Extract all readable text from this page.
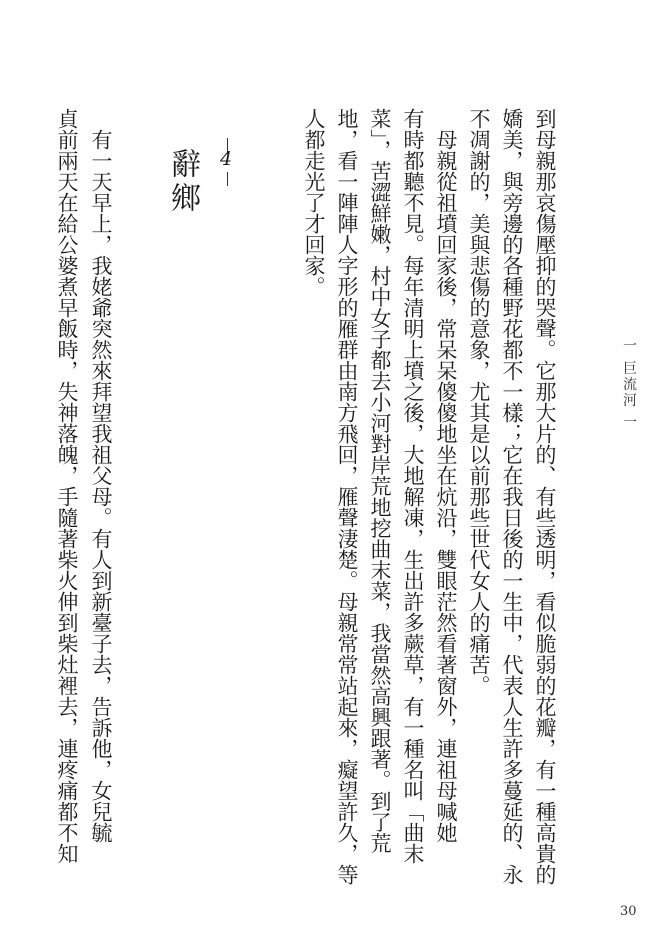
一 巨流河 一
到母親那哀傷壓抑的哭聲。它那大片的、有些透明，看似脆弱的花瓣，有一種高貴的
嬌美，與旁邊的各種野花都不一樣；它在我日後的一生中，代表人生許多蔓延的、永
不凋謝的，美與悲傷的意象，尤其是以前那些世代女人的痛苦。
　母親從祖墳回家後，常呆呆傻傻地坐在炕沿，雙眼茫然看著窗外，連祖母喊她
有時都聽不見。每年清明上墳之後，大地解凍，生出許多蕨草，有一種名叫「曲末
菜」，苦澀鮮嫩，村中女子都去小河對岸荒地挖曲末菜，我當然高興跟著。到了荒
地，看一陣陣人字形的雁群由南方飛回，雁聲淒楚。母親常常站起來，癡望許久，等
人都走光了才回家。
4
辭鄉
　有一天早上，我姥爺突然來拜望我祖父母。有人到新臺子去，告訴他，女兒毓
貞前兩天在給公婆煮早飯時，失神落魄，手隨著柴火伸到柴灶裡去，連疼痛都不知
30
